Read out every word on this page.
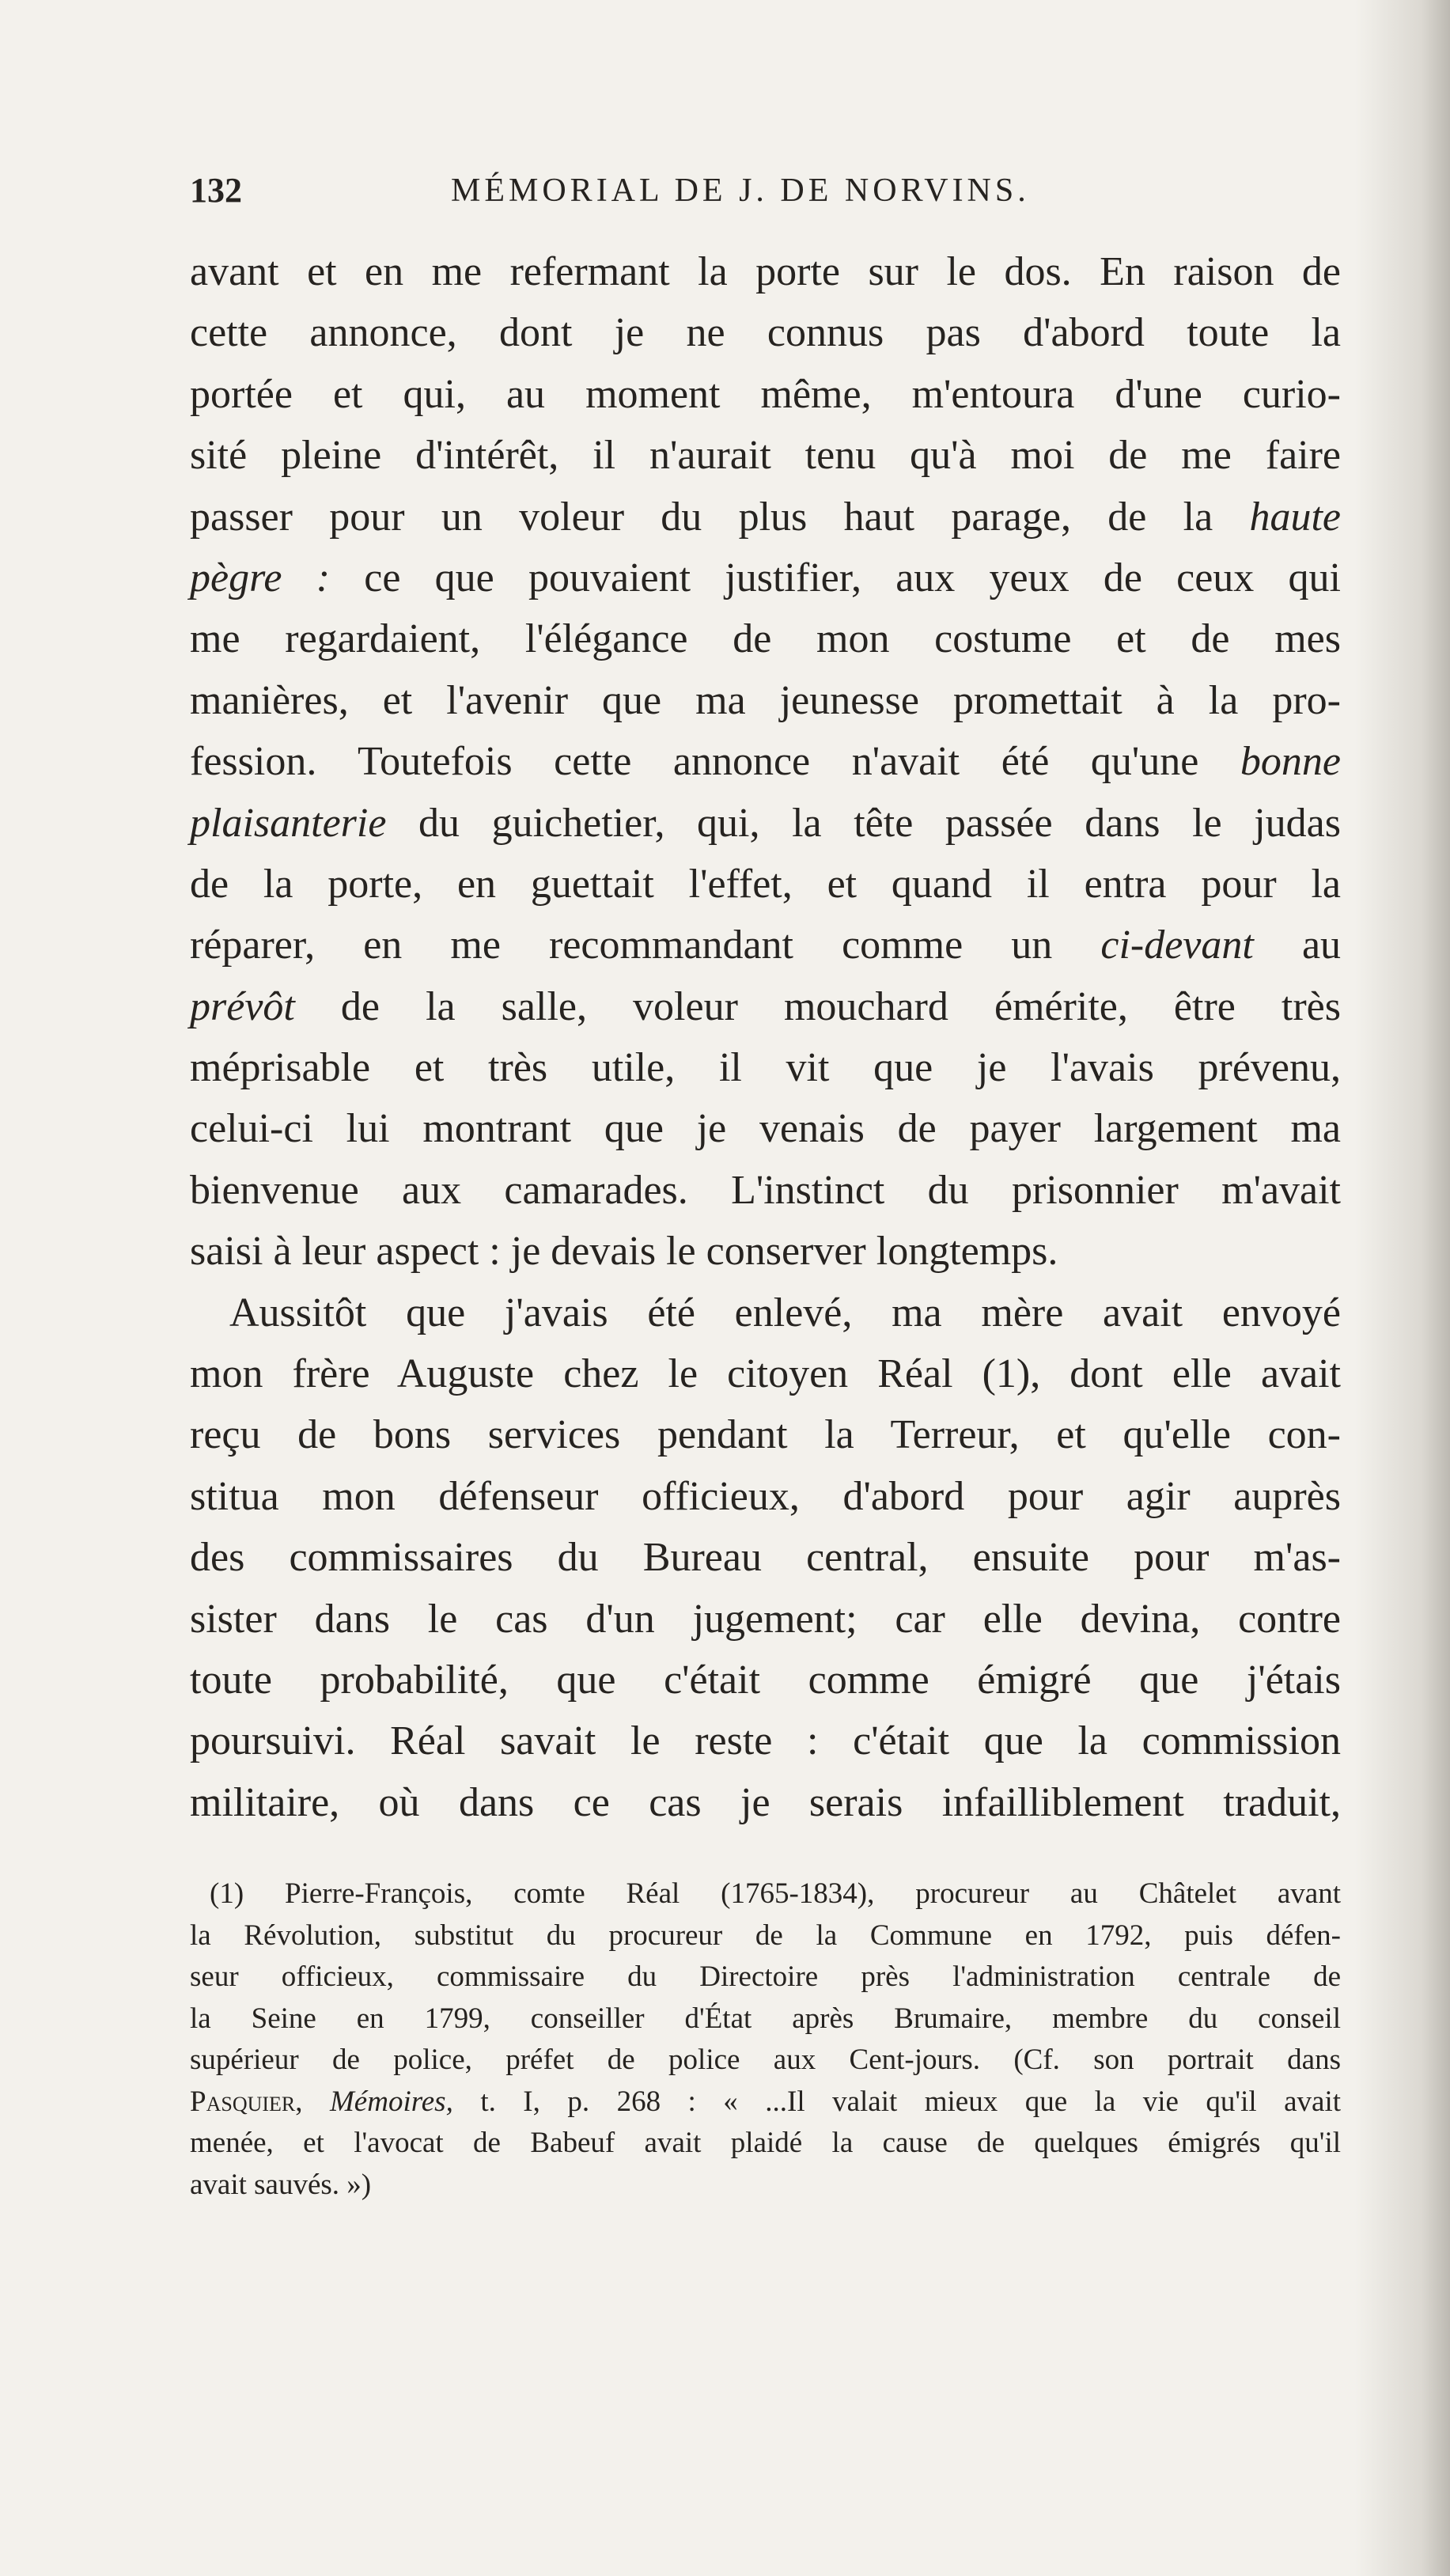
132	MÉMORIAL DE J. DE NORVINS.
avant et en me refermant la porte sur le dos. En raison de
cette annonce, dont je ne connus pas d'abord toute la
portée et qui, au moment même, m'entoura d'une curio-
sité pleine d'intérêt, il n'aurait tenu qu'à moi de me faire
passer pour un voleur du plus haut parage, de la haute
pègre : ce que pouvaient justifier, aux yeux de ceux qui
me regardaient, l'élégance de mon costume et de mes
manières, et l'avenir que ma jeunesse promettait à la pro-
fession. Toutefois cette annonce n'avait été qu'une bonne
plaisanterie du guichetier, qui, la tête passée dans le judas
de la porte, en guettait l'effet, et quand il entra pour la
réparer, en me recommandant comme un ci-devant au
prévôt de la salle, voleur mouchard émérite, être très
méprisable et très utile, il vit que je l'avais prévenu,
celui-ci lui montrant que je venais de payer largement ma
bienvenue aux camarades. L'instinct du prisonnier m'avait
saisi à leur aspect : je devais le conserver longtemps.
Aussitôt que j'avais été enlevé, ma mère avait envoyé
mon frère Auguste chez le citoyen Réal (1), dont elle avait
reçu de bons services pendant la Terreur, et qu'elle con-
stitua mon défenseur officieux, d'abord pour agir auprès
des commissaires du Bureau central, ensuite pour m'as-
sister dans le cas d'un jugement; car elle devina, contre
toute probabilité, que c'était comme émigré que j'étais
poursuivi. Réal savait le reste : c'était que la commission
militaire, où dans ce cas je serais infailliblement traduit,
(1) Pierre-François, comte Réal (1765-1834), procureur au Châtelet avant
la Révolution, substitut du procureur de la Commune en 1792, puis défen-
seur officieux, commissaire du Directoire près l'administration centrale de
la Seine en 1799, conseiller d'État après Brumaire, membre du conseil
supérieur de police, préfet de police aux Cent-jours. (Cf. son portrait dans
Pasquier, Mémoires, t. I, p. 268 : « ...Il valait mieux que la vie qu'il avait
menée, et l'avocat de Babeuf avait plaidé la cause de quelques émigrés qu'il
avait sauvés. »)
